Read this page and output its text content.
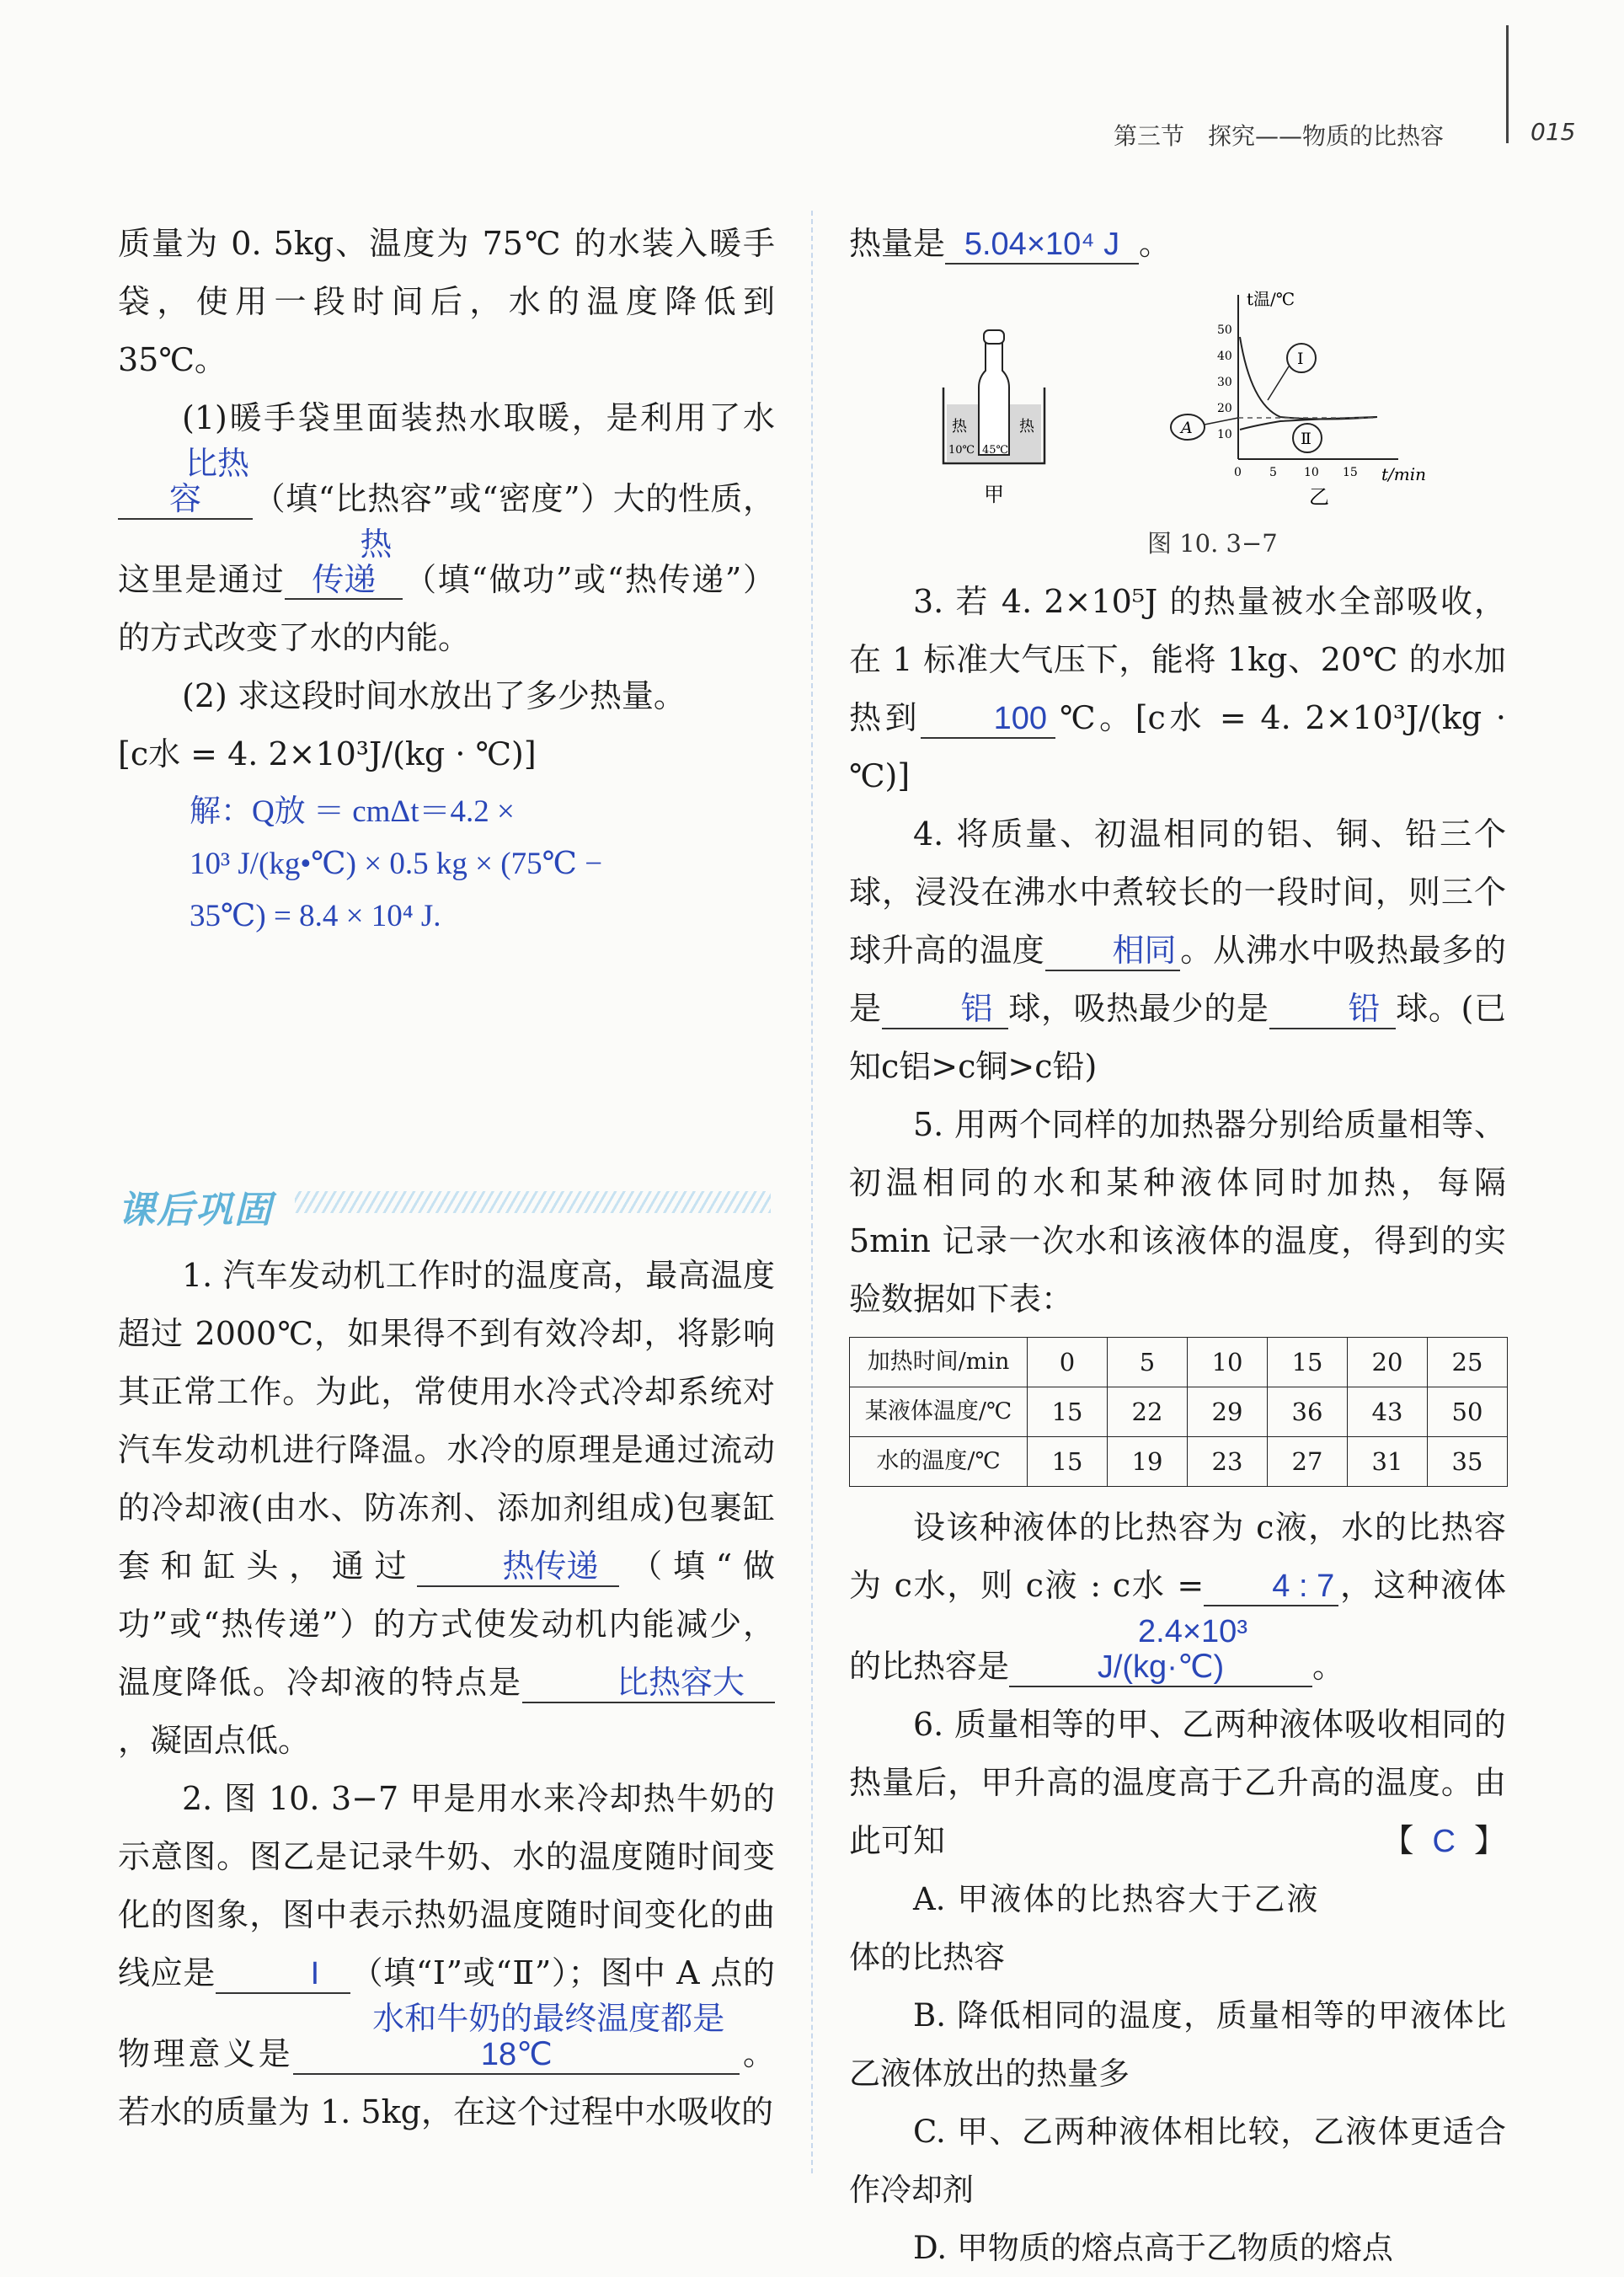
第三节　探究——物质的比热容	015

质量为 0. 5kg、温度为 75℃ 的水装入暖手袋，使用一段时间后，水的温度降低到 35℃。

(1)暖手袋里面装热水取暖，是利用了水比热容 （填“比热容”或“密度”）大的性质，这里是通过热传递 （填“做功”或“热传递”）的方式改变了水的内能。

(2) 求这段时间水放出了多少热量。

[c水 = 4. 2×10³J/(kg · ℃)]

解：Q放 ＝ cmΔt＝4.2 ×

10³ J/(kg•℃) × 0.5 kg × (75℃ −

35℃) = 8.4 × 10⁴ J.

课后巩固

1. 汽车发动机工作时的温度高，最高温度超过 2000℃，如果得不到有效冷却，将影响其正常工作。为此，常使用水冷式冷却系统对汽车发动机进行降温。水冷的原理是通过流动的冷却液(由水、防冻剂、添加剂组成)包裹缸套和缸头，通过	热传递 （填“做功”或“热传递”）的方式使发动机内能减少，温度降低。冷却液的特点是	比热容大，凝固点低。

2. 图 10. 3−7 甲是用水来冷却热牛奶的示意图。图乙是记录牛奶、水的温度随时间变化的图象，图中表示热奶温度随时间变化的曲线应是	I （填“Ⅰ”或“Ⅱ”）；图中 A 点的物理意义是水和牛奶的最终温度都是18℃	。若水的质量为 1. 5kg，在这个过程中水吸收的

热量是 5.04×10⁴ J 。

热	热
10℃ 45℃
甲
t温/℃
t/min
10
20
30
40
50
0 5 10 15
Ⅰ
Ⅱ
A
乙
图 10. 3−7

3. 若 4. 2×10⁵J 的热量被水全部吸收，在 1 标准大气压下，能将 1kg、20℃ 的水加热到 100 ℃。[c水 = 4. 2×10³J/(kg · ℃)]

4. 将质量、初温相同的铝、铜、铅三个球，浸没在沸水中煮较长的一段时间，则三个球升高的温度 相同 。从沸水中吸热最多的是 铝 球，吸热最少的是 铅 球。(已知c铝>c铜>c铅)

5. 用两个同样的加热器分别给质量相等、初温相同的水和某种液体同时加热，每隔 5min 记录一次水和该液体的温度，得到的实验数据如下表：

加热时间/min	0	5	10	15	20	25
某液体温度/℃	15	22	29	36	43	50
水的温度/℃	15	19	23	27	31	35

设该种液体的比热容为 c液，水的比热容为 c水，则 c液 : c水 = 4 : 7 ，这种液体的比热容是2.4×10³ J/(kg·℃)	。

6. 质量相等的甲、乙两种液体吸收相同的热量后，甲升高的温度高于乙升高的温度。由此可知	【 C 】

A. 甲液体的比热容大于乙液体的比热容

B. 降低相同的温度，质量相等的甲液体比乙液体放出的热量多

C. 甲、乙两种液体相比较，乙液体更适合作冷却剂

D. 甲物质的熔点高于乙物质的熔点
